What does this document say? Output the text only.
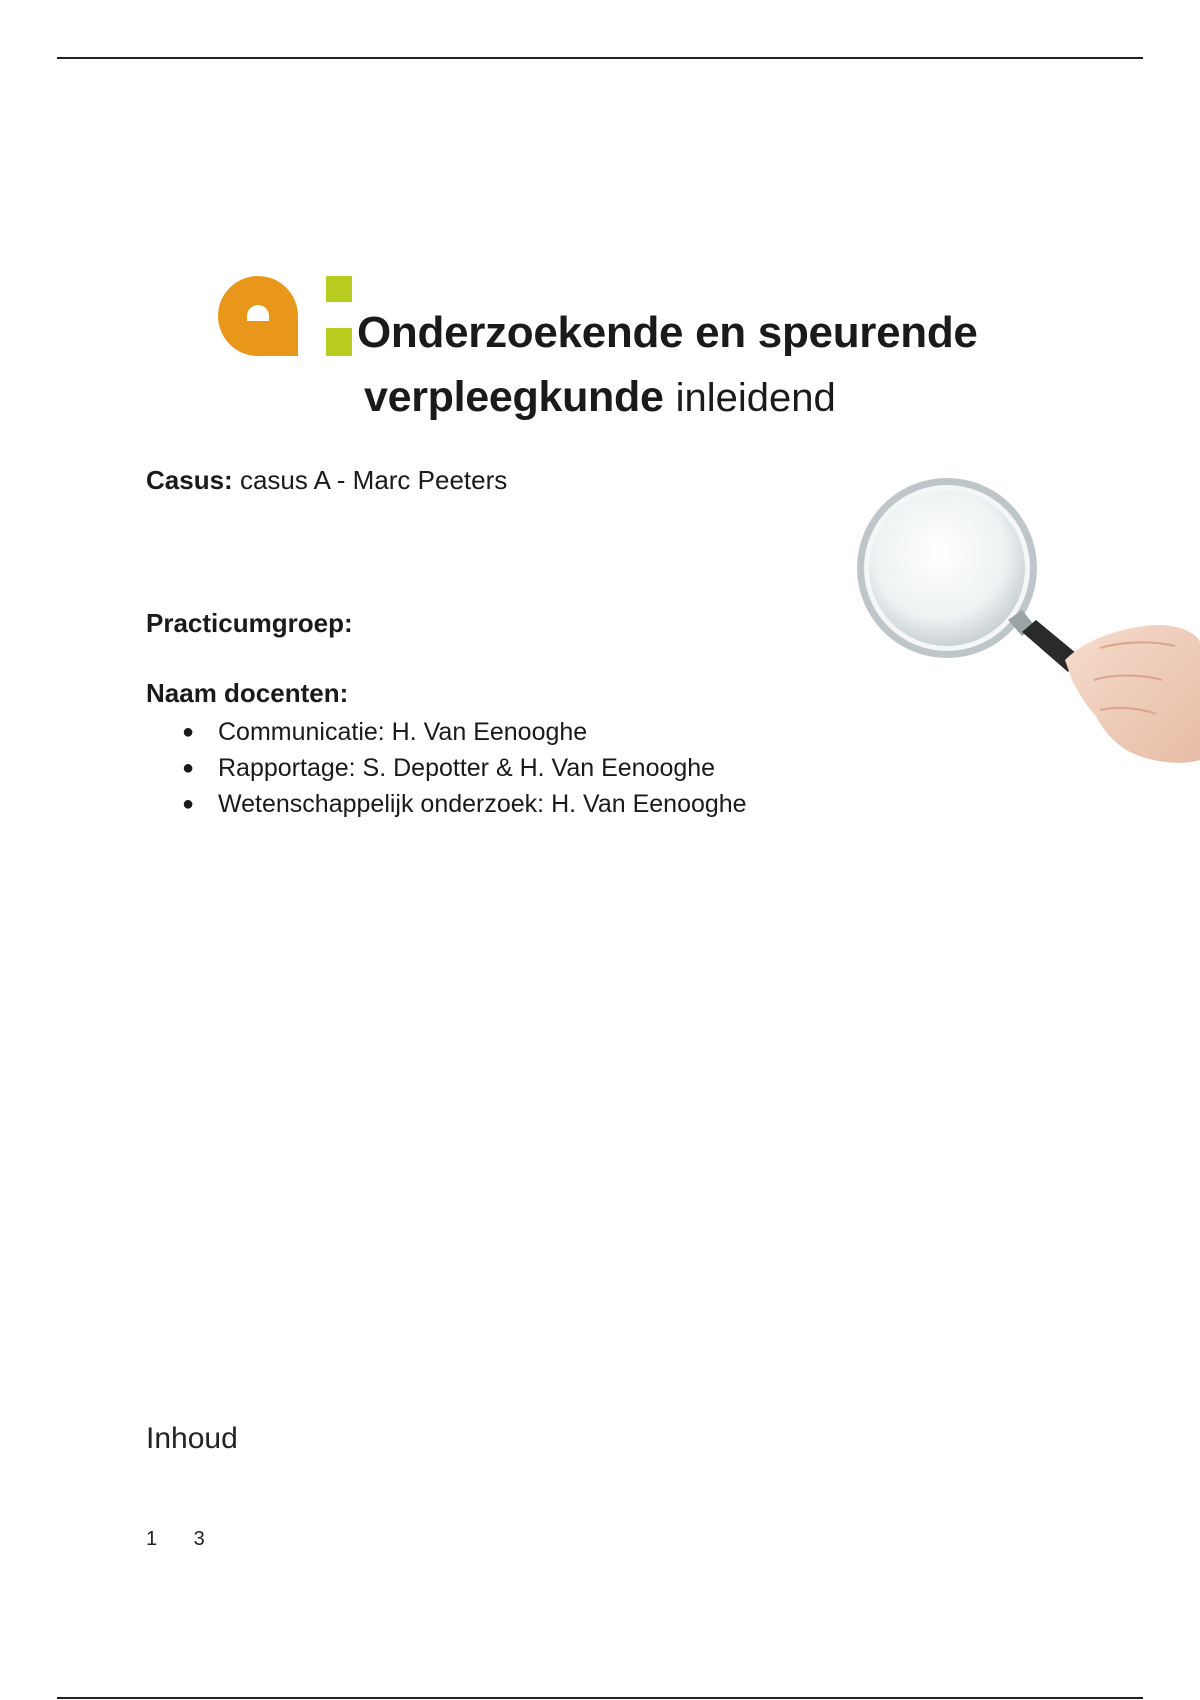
Onderzoekende en speurende
verpleegkunde inleidend
Casus: casus A - Marc Peeters
Practicumgroep:
Naam docenten:
● Communicatie: H. Van Eenooghe
● Rapportage: S. Depotter & H. Van Eenooghe
● Wetenschappelijk onderzoek: H. Van Eenooghe
Inhoud
1 3
